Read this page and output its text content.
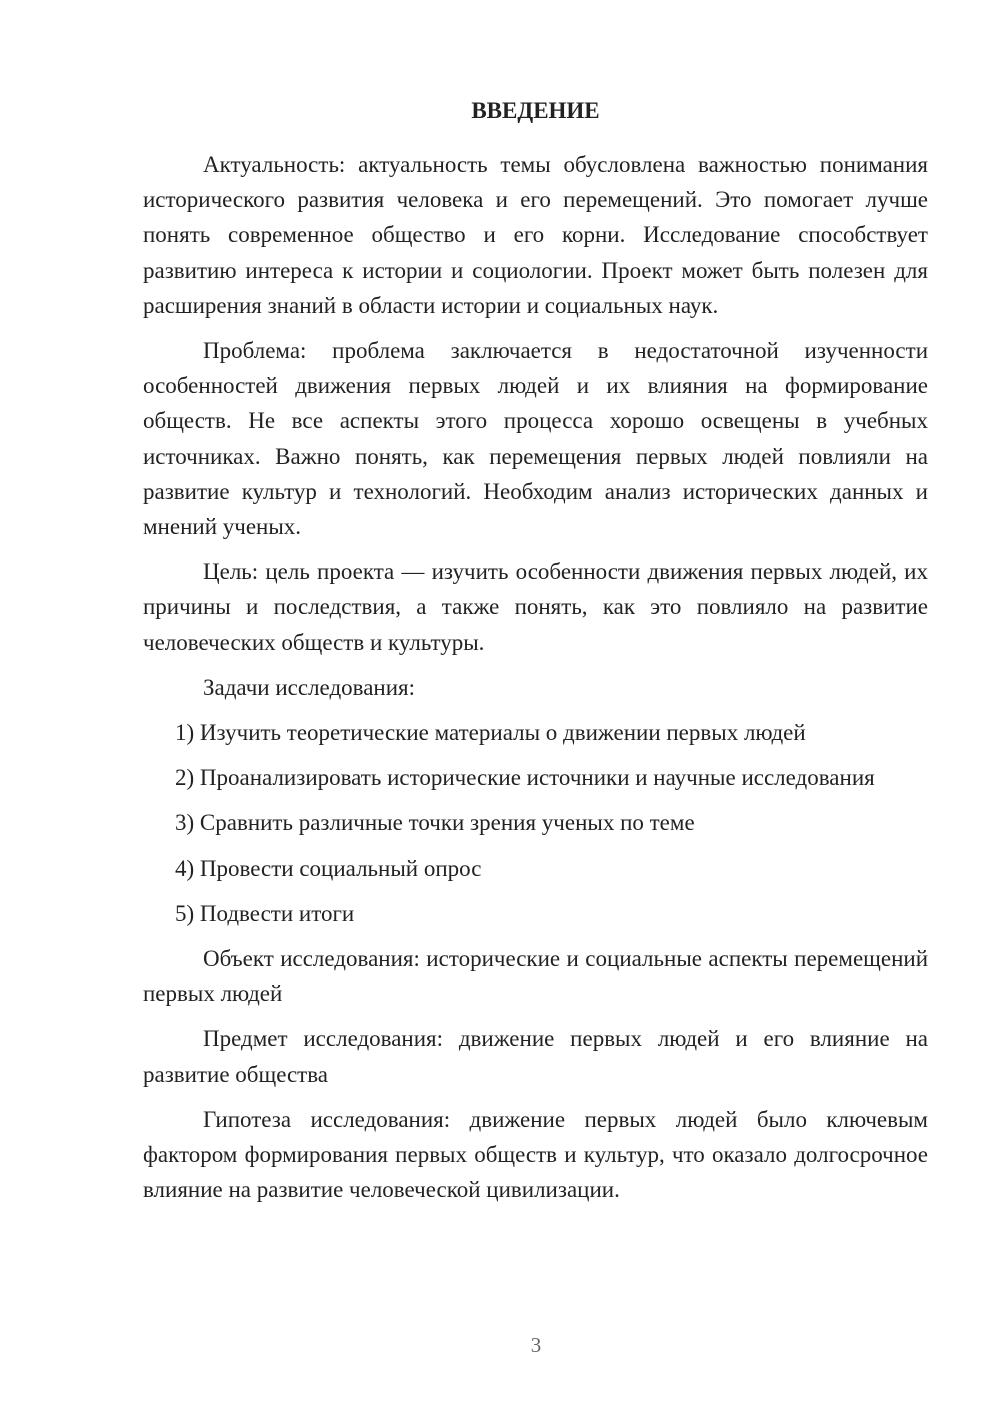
ВВЕДЕНИЕ

Актуальность: актуальность темы обусловлена важностью понимания исторического развития человека и его перемещений. Это помогает лучше понять современное общество и его корни. Исследование способствует развитию интереса к истории и социологии. Проект может быть полезен для расширения знаний в области истории и социальных наук.

Проблема: проблема заключается в недостаточной изученности особенностей движения первых людей и их влияния на формирование обществ. Не все аспекты этого процесса хорошо освещены в учебных источниках. Важно понять, как перемещения первых людей повлияли на развитие культур и технологий. Необходим анализ исторических данных и мнений ученых.

Цель: цель проекта — изучить особенности движения первых людей, их причины и последствия, а также понять, как это повлияло на развитие человеческих обществ и культуры.

Задачи исследования:

1) Изучить теоретические материалы о движении первых людей
2) Проанализировать исторические источники и научные исследования
3) Сравнить различные точки зрения ученых по теме
4) Провести социальный опрос
5) Подвести итоги

Объект исследования: исторические и социальные аспекты перемещений первых людей

Предмет исследования: движение первых людей и его влияние на развитие общества

Гипотеза исследования: движение первых людей было ключевым фактором формирования первых обществ и культур, что оказало долгосрочное влияние на развитие человеческой цивилизации.

3
